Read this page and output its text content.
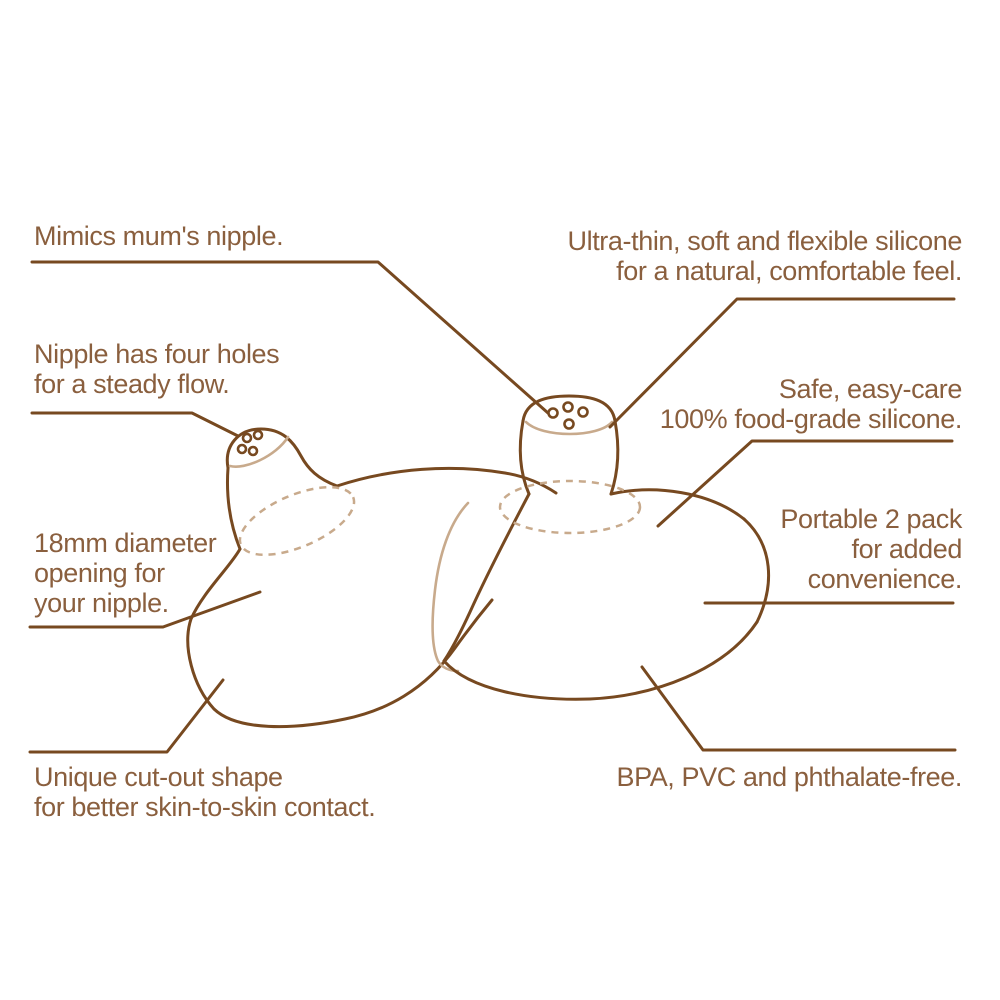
Mimics mum's nipple.
Nipple has four holes
for a steady flow.
18mm diameter
opening for
your nipple.
Unique cut-out shape
for better skin-to-skin contact.
Ultra-thin, soft and flexible silicone
for a natural, comfortable feel.
Safe, easy-care
100% food-grade silicone.
Portable 2 pack
for added
convenience.
BPA, PVC and phthalate-free.
